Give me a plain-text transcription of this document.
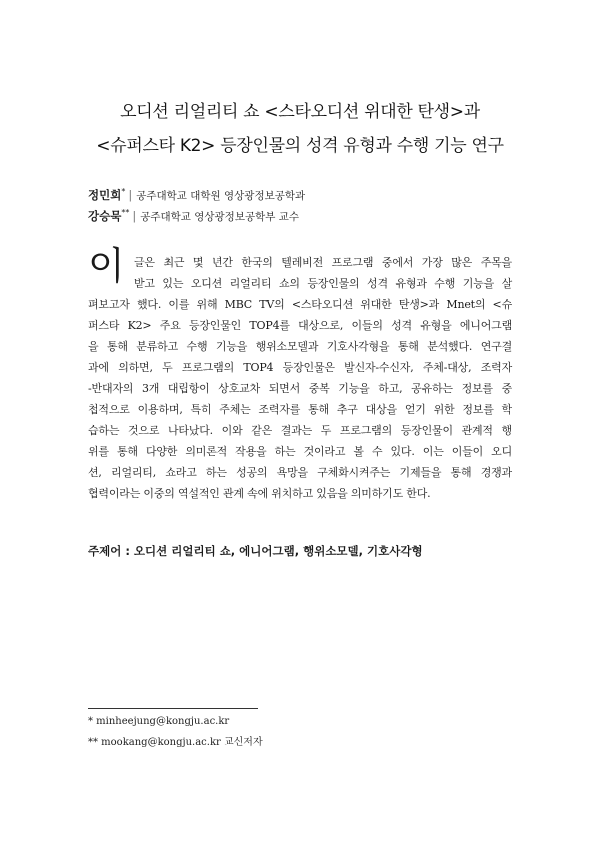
오디션 리얼리티 쇼 <스타오디션 위대한 탄생>과
<슈퍼스타 K2> 등장인물의 성격 유형과 수행 기능 연구
정민희* | 공주대학교 대학원 영상광정보공학과
강승묵** | 공주대학교 영상광정보공학부 교수
이 글은 최근 몇 년간 한국의 텔레비전 프로그램 중에서 가장 많은 주목을
받고 있는 오디션 리얼리티 쇼의 등장인물의 성격 유형과 수행 기능을 살
펴보고자 했다. 이를 위해 MBC TV의 <스타오디션 위대한 탄생>과 Mnet의 <슈
퍼스타 K2> 주요 등장인물인 TOP4를 대상으로, 이들의 성격 유형을 에니어그램
을 통해 분류하고 수행 기능을 행위소모델과 기호사각형을 통해 분석했다. 연구결
과에 의하면, 두 프로그램의 TOP4 등장인물은 발신자-수신자, 주체-대상, 조력자
-반대자의 3개 대립항이 상호교차 되면서 중복 기능을 하고, 공유하는 정보를 중
첩적으로 이용하며, 특히 주체는 조력자를 통해 추구 대상을 얻기 위한 정보를 학
습하는 것으로 나타났다. 이와 같은 결과는 두 프로그램의 등장인물이 관계적 행
위를 통해 다양한 의미론적 작용을 하는 것이라고 볼 수 있다. 이는 이들이 오디
션, 리얼리티, 쇼라고 하는 성공의 욕망을 구체화시켜주는 기제들을 통해 경쟁과
협력이라는 이중의 역설적인 관계 속에 위치하고 있음을 의미하기도 한다.
주제어 : 오디션 리얼리티 쇼, 에니어그램, 행위소모델, 기호사각형
* minheejung@kongju.ac.kr
** mookang@kongju.ac.kr 교신저자
